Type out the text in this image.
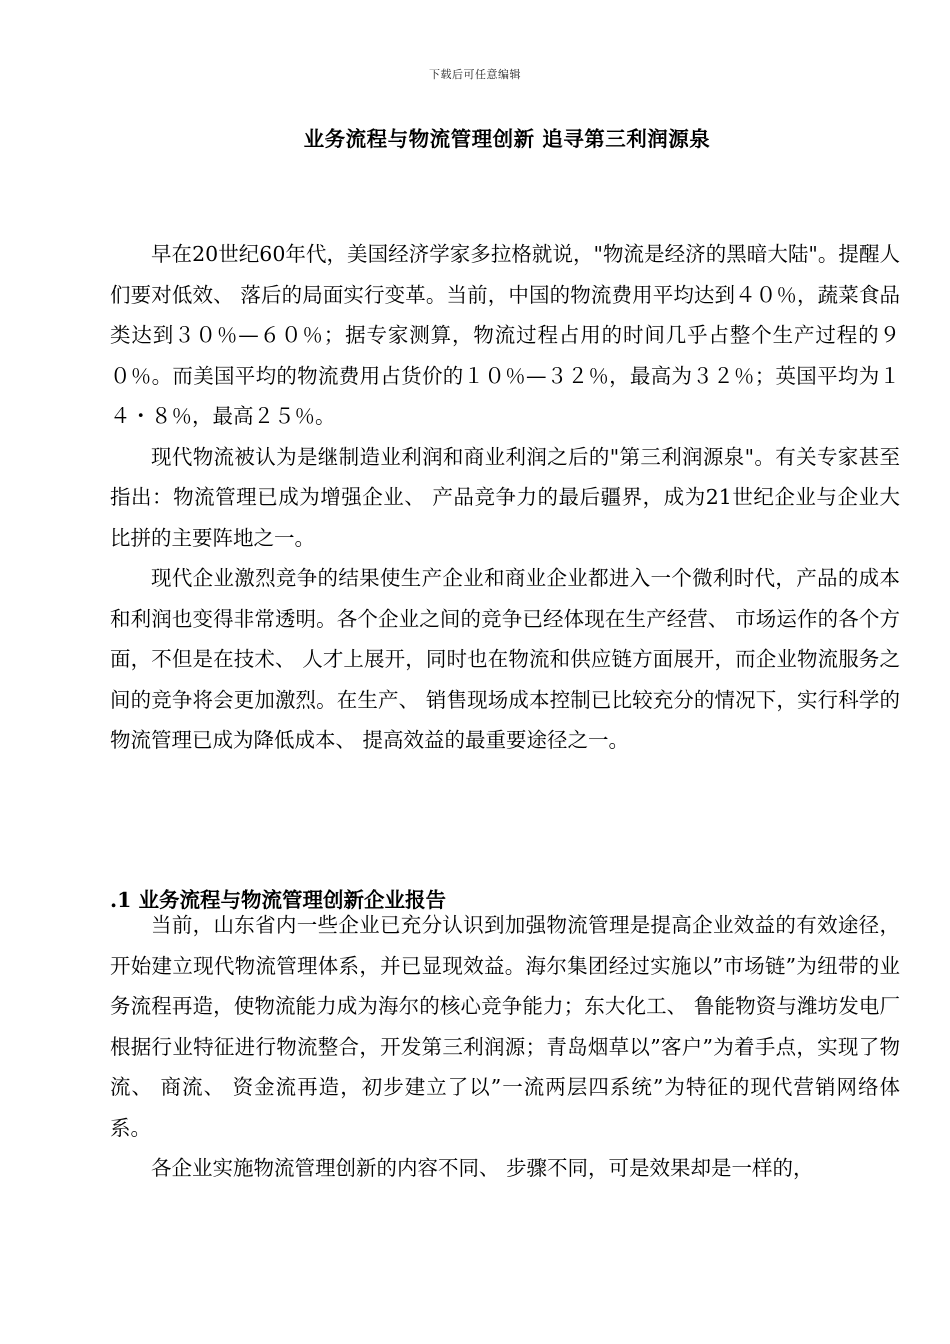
下载后可任意编辑
业务流程与物流管理创新 追寻第三利润源泉

早在20世纪60年代，美国经济学家多拉格就说，"物流是经济的黑暗大陆"。提醒人们要对低效、 落后的局面实行变革。当前，中国的物流费用平均达到４０％，蔬菜食品类达到３０％—６０％；据专家测算，物流过程占用的时间几乎占整个生产过程的９０％。而美国平均的物流费用占货价的１０％—３２％，最高为３２％；英国平均为１４・８％，最高２５％。

现代物流被认为是继制造业利润和商业利润之后的"第三利润源泉"。有关专家甚至指出：物流管理已成为增强企业、 产品竞争力的最后疆界，成为21世纪企业与企业大比拼的主要阵地之一。

现代企业激烈竞争的结果使生产企业和商业企业都进入一个微利时代，产品的成本和利润也变得非常透明。各个企业之间的竞争已经体现在生产经营、 市场运作的各个方面，不但是在技术、 人才上展开，同时也在物流和供应链方面展开，而企业物流服务之间的竞争将会更加激烈。在生产、 销售现场成本控制已比较充分的情况下，实行科学的物流管理已成为降低成本、 提高效益的最重要途径之一。

.1 业务流程与物流管理创新企业报告

当前，山东省内一些企业已充分认识到加强物流管理是提高企业效益的有效途径，开始建立现代物流管理体系，并已显现效益。海尔集团经过实施以”市场链”为纽带的业务流程再造，使物流能力成为海尔的核心竞争能力；东大化工、 鲁能物资与潍坊发电厂根据行业特征进行物流整合，开发第三利润源；青岛烟草以”客户”为着手点，实现了物流、 商流、 资金流再造，初步建立了以”一流两层四系统”为特征的现代营销网络体系。

各企业实施物流管理创新的内容不同、 步骤不同，可是效果却是一样的，
